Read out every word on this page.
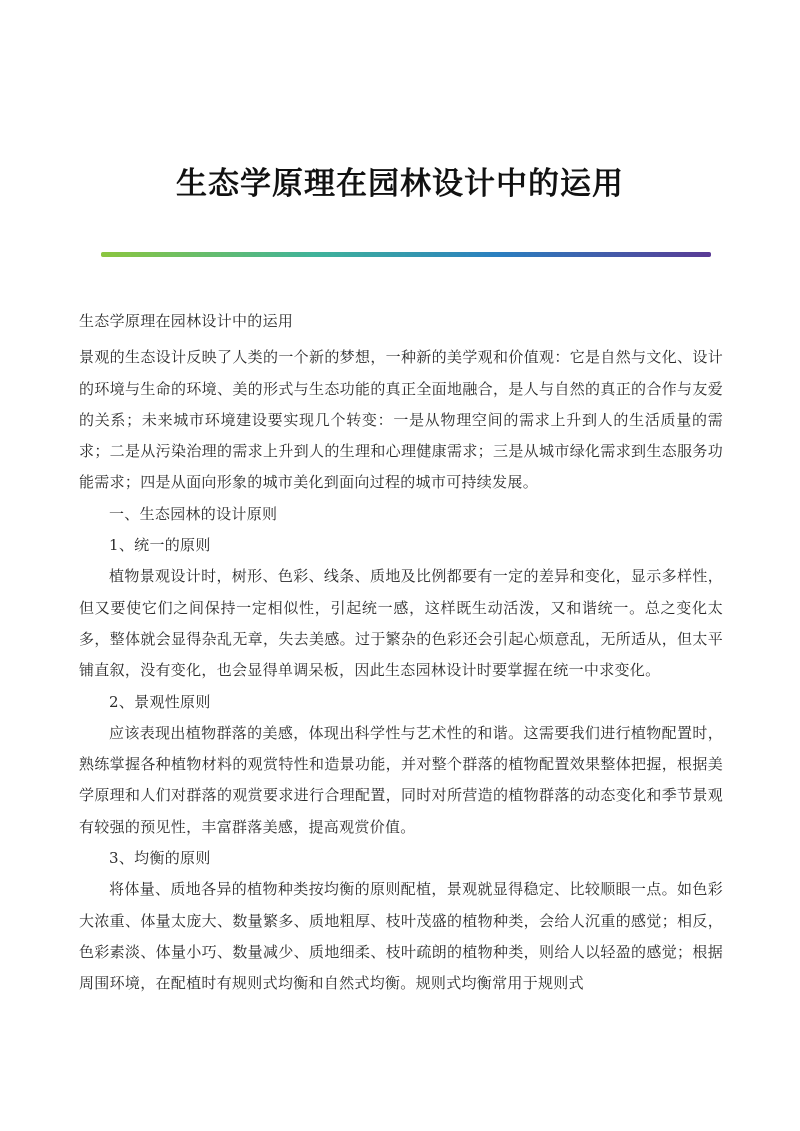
生态学原理在园林设计中的运用

生态学原理在园林设计中的运用

景观的生态设计反映了人类的一个新的梦想，一种新的美学观和价值观：它是自然与文化、设计的环境与生命的环境、美的形式与生态功能的真正全面地融合，是人与自然的真正的合作与友爱的关系；未来城市环境建设要实现几个转变：一是从物理空间的需求上升到人的生活质量的需求；二是从污染治理的需求上升到人的生理和心理健康需求；三是从城市绿化需求到生态服务功能需求；四是从面向形象的城市美化到面向过程的城市可持续发展。

一、生态园林的设计原则

1、统一的原则

植物景观设计时，树形、色彩、线条、质地及比例都要有一定的差异和变化，显示多样性，但又要使它们之间保持一定相似性，引起统一感，这样既生动活泼，又和谐统一。总之变化太多，整体就会显得杂乱无章，失去美感。过于繁杂的色彩还会引起心烦意乱，无所适从，但太平铺直叙，没有变化，也会显得单调呆板，因此生态园林设计时要掌握在统一中求变化。

2、景观性原则

应该表现出植物群落的美感，体现出科学性与艺术性的和谐。这需要我们进行植物配置时，熟练掌握各种植物材料的观赏特性和造景功能，并对整个群落的植物配置效果整体把握，根据美学原理和人们对群落的观赏要求进行合理配置，同时对所营造的植物群落的动态变化和季节景观有较强的预见性，丰富群落美感，提高观赏价值。

3、均衡的原则

将体量、质地各异的植物种类按均衡的原则配植，景观就显得稳定、比较顺眼一点。如色彩大浓重、体量太庞大、数量繁多、质地粗厚、枝叶茂盛的植物种类，会给人沉重的感觉；相反，色彩素淡、体量小巧、数量减少、质地细柔、枝叶疏朗的植物种类，则给人以轻盈的感觉；根据周围环境，在配植时有规则式均衡和自然式均衡。规则式均衡常用于规则式
